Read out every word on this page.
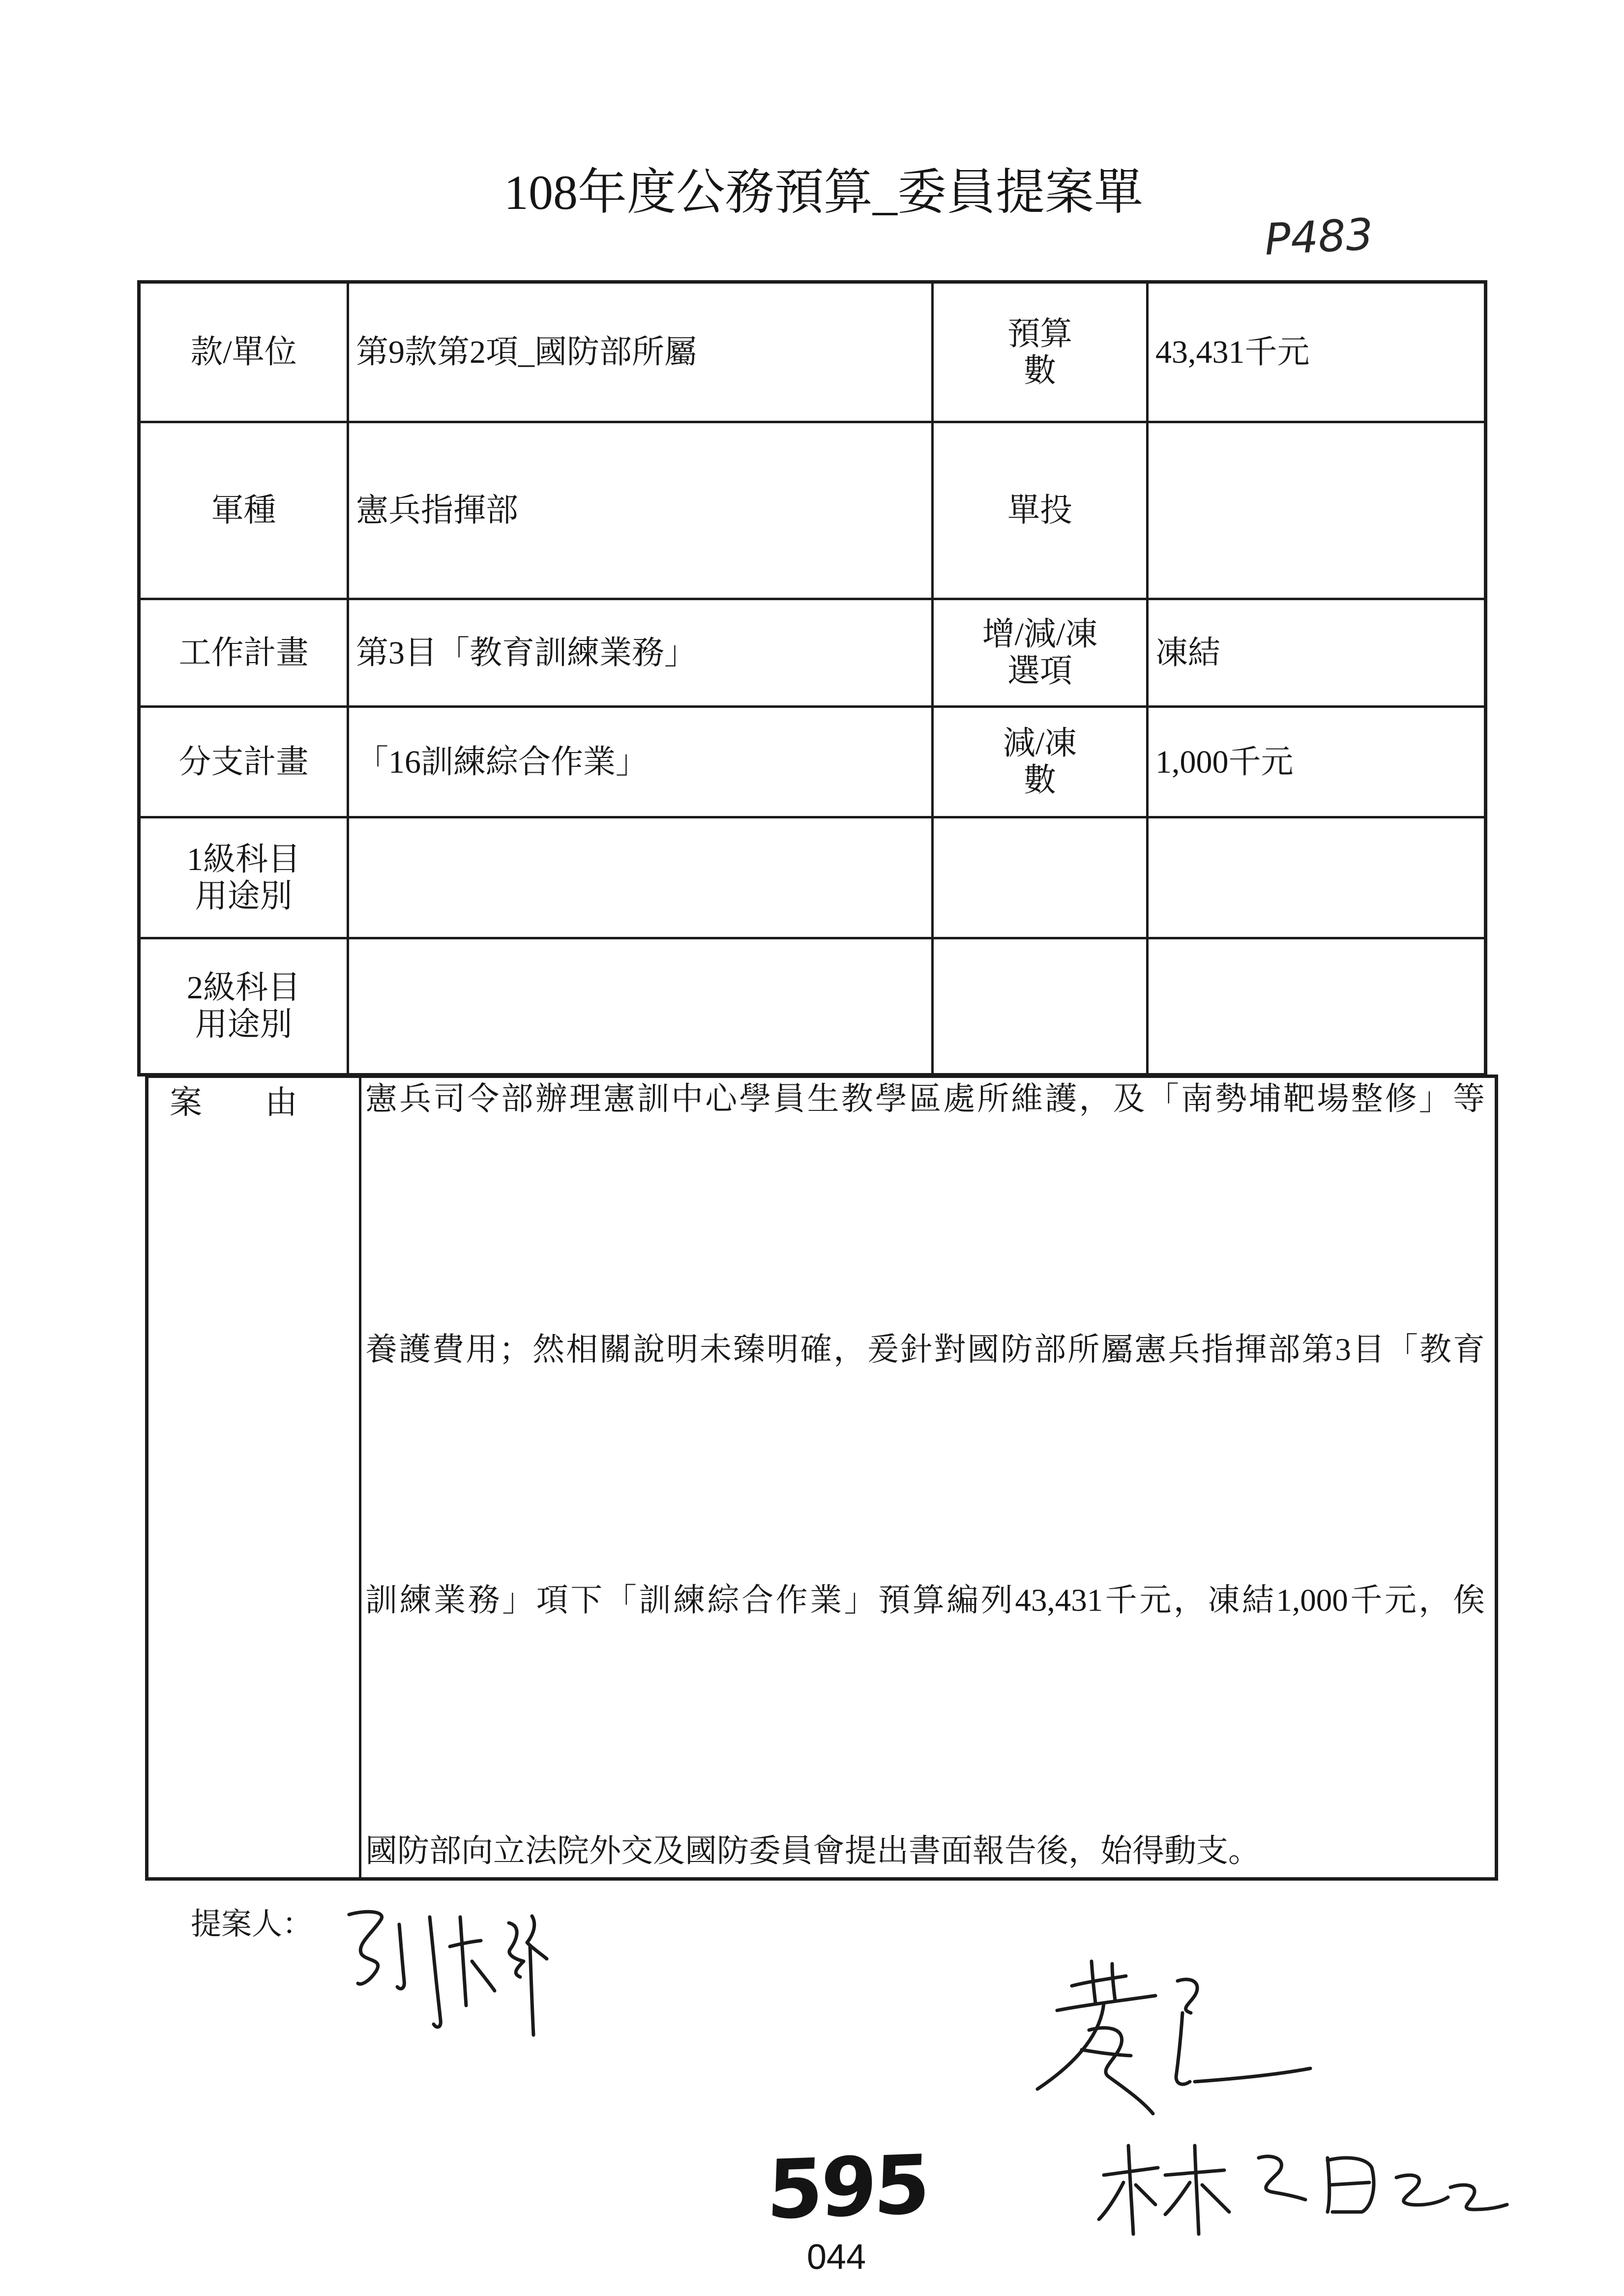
108年度公務預算_委員提案單
P483
款/單位 第9款第2項_國防部所屬
預算
數
43,431千元
軍種 憲兵指揮部	單投
工作計畫 第3目「教育訓練業務」
增/減/凍
選項
凍結
分支計畫 「16訓練綜合作業」
減/凍
數
1,000千元
1級科目
用途別
2級科目
用途別
案由 憲兵司令部辦理憲訓中心學員生教學區處所維護，及「南勢埔靶場整修」等
養護費用；然相關說明未臻明確，爰針對國防部所屬憲兵指揮部第3目「教育
訓練業務」項下「訓練綜合作業」預算編列43,431千元，凍結1,000千元，俟
國防部向立法院外交及國防委員會提出書面報告後，始得動支。
提案人：
595
044
